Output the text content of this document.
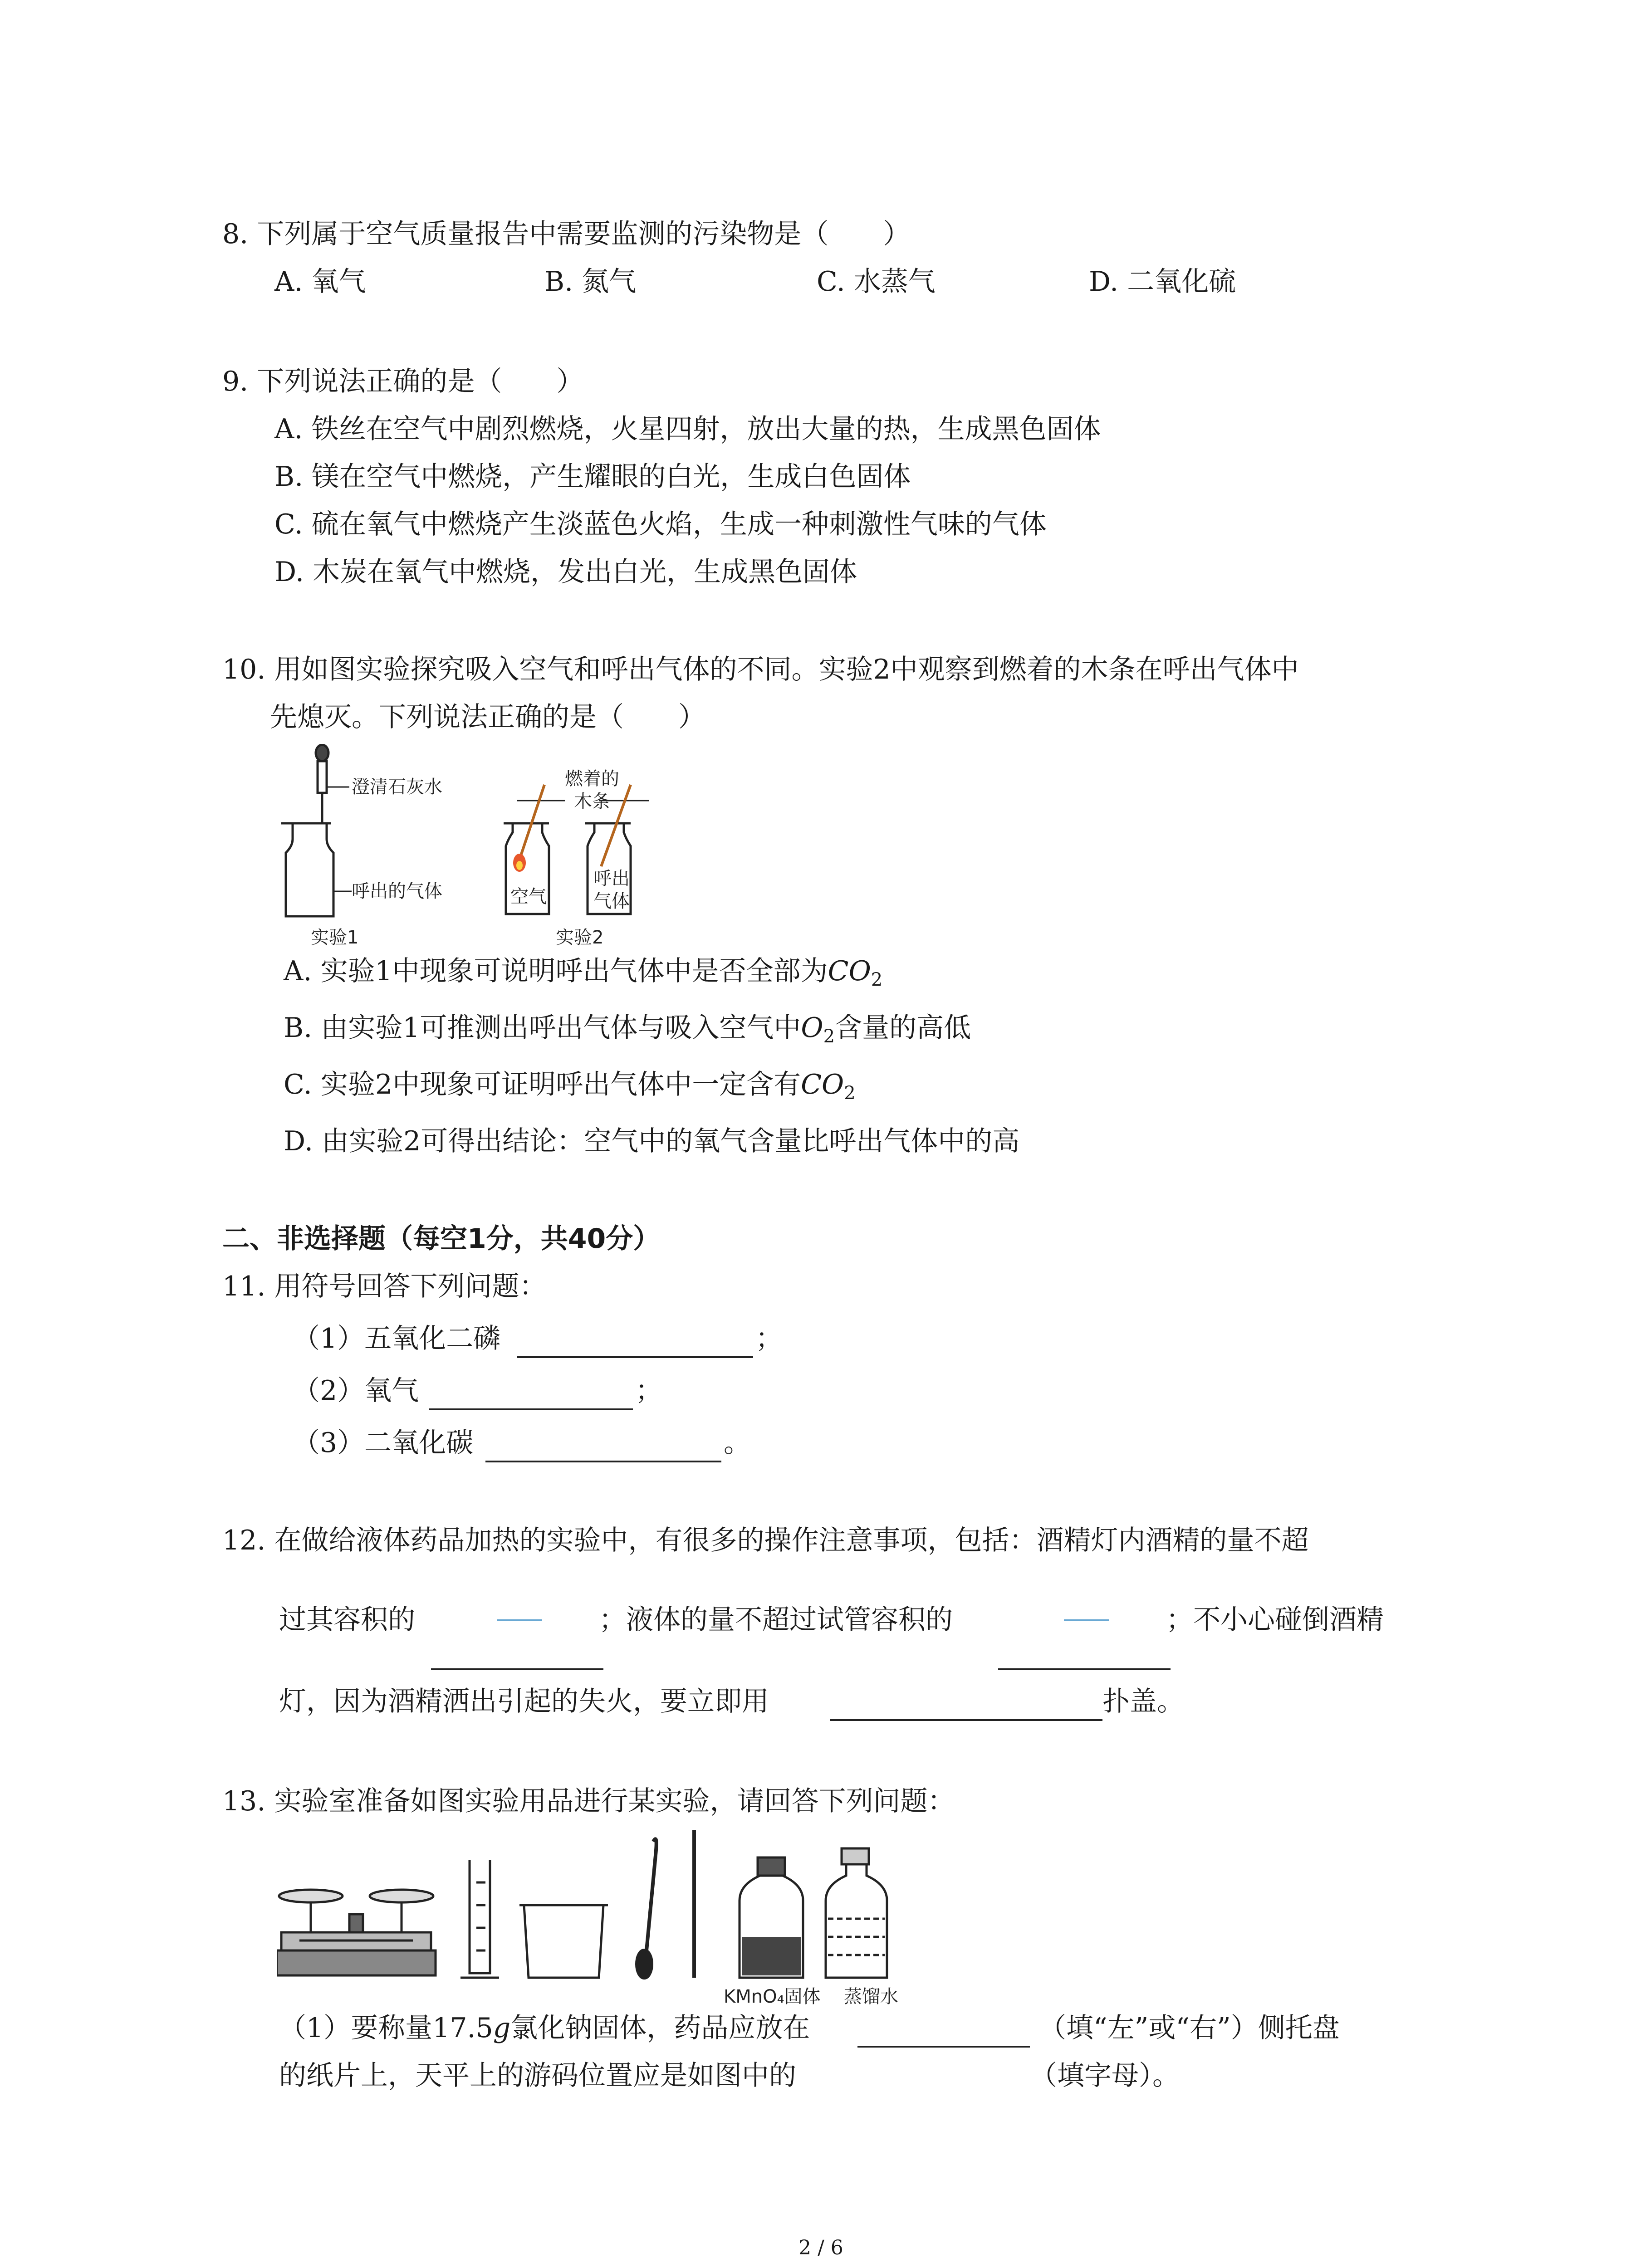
8. 下列属于空气质量报告中需要监测的污染物是（　　）
A. 氧气	B. 氮气	C. 水蒸气	D. 二氧化硫
9. 下列说法正确的是（　　）
A. 铁丝在空气中剧烈燃烧，火星四射，放出大量的热，生成黑色固体
B. 镁在空气中燃烧，产生耀眼的白光，生成白色固体
C. 硫在氧气中燃烧产生淡蓝色火焰，生成一种刺激性气味的气体
D. 木炭在氧气中燃烧，发出白光，生成黑色固体
10. 用如图实验探究吸入空气和呼出气体的不同。实验2中观察到燃着的木条在呼出气体中
先熄灭。下列说法正确的是（　　）
澄清石灰水
呼出的气体
实验1
燃着的
木条
空气
呼出
气体
实验2
A. 实验1中现象可说明呼出气体中是否全部为$CO_2$
B. 由实验1可推测出呼出气体与吸入空气中$O_2$含量的高低
C. 实验2中现象可证明呼出气体中一定含有$CO_2$
D. 由实验2可得出结论：空气中的氧气含量比呼出气体中的高
二、非选择题（每空1分，共40分）
11. 用符号回答下列问题：
（1）五氧化二磷	；
（2）氧气	；
（3）二氧化碳	。
12. 在做给液体药品加热的实验中，有很多的操作注意事项，包括：酒精灯内酒精的量不超
过其容积的	；液体的量不超过试管容积的	；不小心碰倒酒精
灯，因为酒精洒出引起的失火，要立即用	扑盖。
13. 实验室准备如图实验用品进行某实验，请回答下列问题：
KMnO₄固体 蒸馏水
（1）要称量17.5g氯化钠固体，药品应放在	（填“左”或“右”）侧托盘
的纸片上，天平上的游码位置应是如图中的	（填字母）。
2 / 6
